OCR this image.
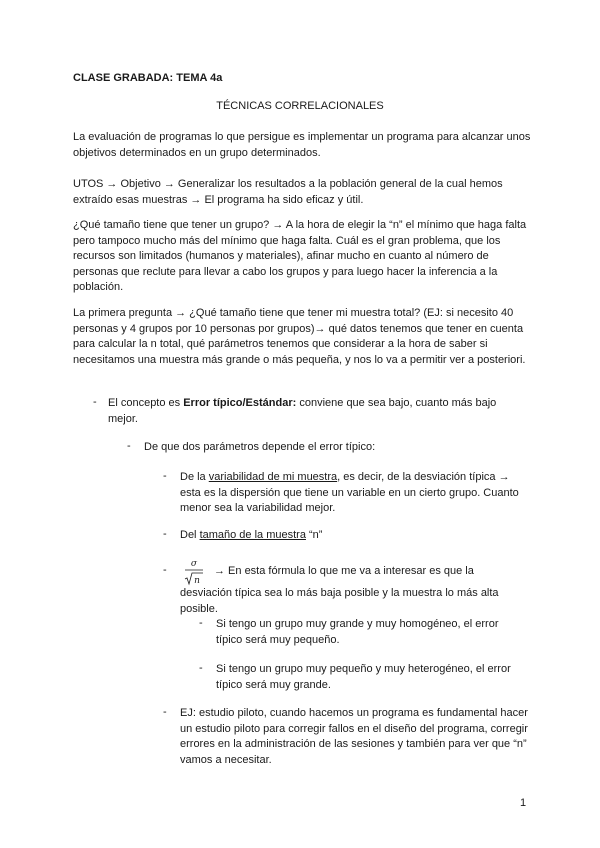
CLASE GRABADA: TEMA 4a
TÉCNICAS CORRELACIONALES
La evaluación de programas lo que persigue es implementar un programa para alcanzar unos objetivos determinados en un grupo determinados.
UTOS → Objetivo → Generalizar los resultados a la población general de la cual hemos extraído esas muestras → El programa ha sido eficaz y útil.
¿Qué tamaño tiene que tener un grupo? → A la hora de elegir la “n” el mínimo que haga falta pero tampoco mucho más del mínimo que haga falta. Cuál es el gran problema, que los recursos son limitados (humanos y materiales), afinar mucho en cuanto al número de personas que reclute para llevar a cabo los grupos y para luego hacer la inferencia a la población.
La primera pregunta → ¿Qué tamaño tiene que tener mi muestra total? (EJ: si necesito 40 personas y 4 grupos por 10 personas por grupos)→ qué datos tenemos que tener en cuenta para calcular la n total, qué parámetros tenemos que considerar a la hora de saber si necesitamos una muestra más grande o más pequeña, y nos lo va a permitir ver a posteriori.
- El concepto es Error típico/Estándar: conviene que sea bajo, cuanto más bajo mejor.
- De que dos parámetros depende el error típico:
- De la variabilidad de mi muestra, es decir, de la desviación típica → esta es la dispersión que tiene un variable en un cierto grupo. Cuanto menor sea la variabilidad mejor.
- Del tamaño de la muestra “n”
-	σ
n
→ En esta fórmula lo que me va a interesar es que la
desviación típica sea lo más baja posible y la muestra lo más alta posible.
- Si tengo un grupo muy grande y muy homogéneo, el error típico será muy pequeño.
- Si tengo un grupo muy pequeño y muy heterogéneo, el error típico será muy grande.
- EJ: estudio piloto, cuando hacemos un programa es fundamental hacer un estudio piloto para corregir fallos en el diseño del programa, corregir errores en la administración de las sesiones y también para ver que “n” vamos a necesitar.
1
